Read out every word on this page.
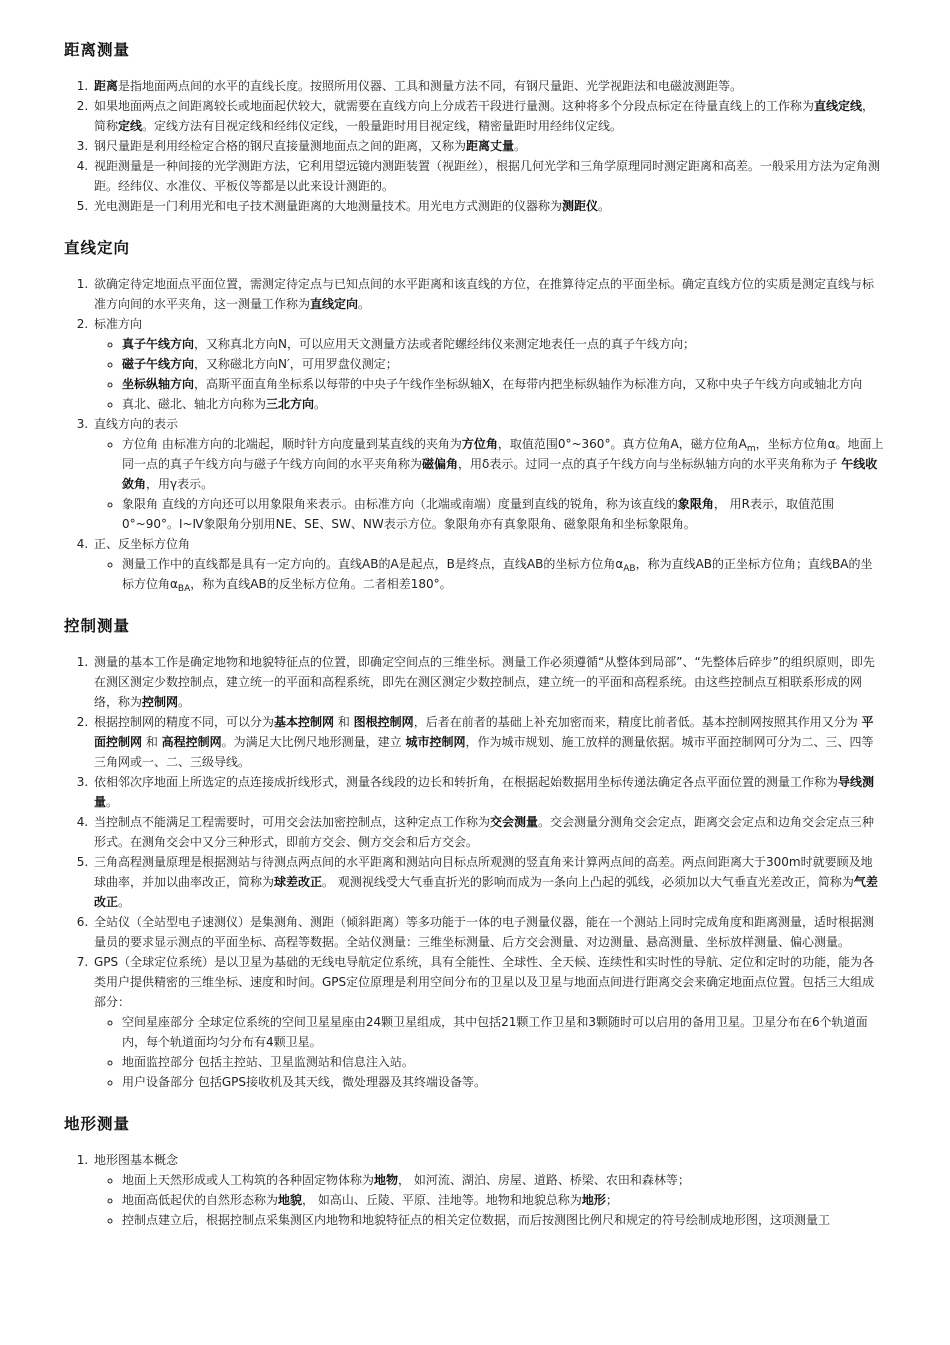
距离测量
1. 距离是指地面两点间的水平的直线长度。按照所用仪器、工具和测量方法不同，有钢尺量距、光学视距法和电磁波测距等。
2. 如果地面两点之间距离较长或地面起伏较大，就需要在直线方向上分成若干段进行量测。这种将多个分段点标定在待量直线上的工作称为直线定线，简称定线。定线方法有目视定线和经纬仪定线，一般量距时用目视定线，精密量距时用经纬仪定线。
3. 钢尺量距是利用经检定合格的钢尺直接量测地面点之间的距离，又称为距离丈量。
4. 视距测量是一种间接的光学测距方法，它利用望远镜内测距装置（视距丝），根据几何光学和三角学原理同时测定距离和高差。一般采用方法为定角测距。经纬仪、水准仪、平板仪等都是以此来设计测距的。
5. 光电测距是一门利用光和电子技术测量距离的大地测量技术。用光电方式测距的仪器称为测距仪。
直线定向
1. 欲确定待定地面点平面位置，需测定待定点与已知点间的水平距离和该直线的方位，在推算待定点的平面坐标。确定直线方位的实质是测定直线与标准方向间的水平夹角，这一测量工作称为直线定向。
2. 标准方向
◦ 真子午线方向，又称真北方向N，可以应用天文测量方法或者陀螺经纬仪来测定地表任一点的真子午线方向；
◦ 磁子午线方向，又称磁北方向N′，可用罗盘仪测定；
◦ 坐标纵轴方向，高斯平面直角坐标系以每带的中央子午线作坐标纵轴X，在每带内把坐标纵轴作为标准方向，又称中央子午线方向或轴北方向
◦ 真北、磁北、轴北方向称为三北方向。
3. 直线方向的表示
◦ 方位角 由标准方向的北端起，顺时针方向度量到某直线的夹角为方位角，取值范围0°~360°。真方位角A，磁方位角$A_m$，坐标方位角α。地面上同一点的真子午线方向与磁子午线方向间的水平夹角称为磁偏角，用δ表示。过同一点的真子午线方向与坐标纵轴方向的水平夹角称为子 午线收敛角，用γ表示。
◦ 象限角 直线的方向还可以用象限角来表示。由标准方向（北端或南端）度量到直线的锐角，称为该直线的象限角， 用R表示，取值范围0°~90°。Ⅰ~Ⅳ象限角分别用NE、SE、SW、NW表示方位。象限角亦有真象限角、磁象限角和坐标象限角。
4. 正、反坐标方位角
◦ 测量工作中的直线都是具有一定方向的。直线AB的A是起点，B是终点，直线AB的坐标方位角$\alpha_{AB}$，称为直线AB的正坐标方位角；直线BA的坐标方位角$\alpha_{BA}$，称为直线AB的反坐标方位角。二者相差180°。
控制测量
1. 测量的基本工作是确定地物和地貌特征点的位置，即确定空间点的三维坐标。测量工作必须遵循“从整体到局部”、“先整体后碎步”的组织原则，即先在测区测定少数控制点，建立统一的平面和高程系统，即先在测区测定少数控制点，建立统一的平面和高程系统。由这些控制点互相联系形成的网络，称为控制网。
2. 根据控制网的精度不同，可以分为基本控制网 和 图根控制网，后者在前者的基础上补充加密而来，精度比前者低。基本控制网按照其作用又分为 平面控制网 和 高程控制网。为满足大比例尺地形测量，建立 城市控制网，作为城市规划、施工放样的测量依据。城市平面控制网可分为二、三、四等三角网或一、二、三级导线。
3. 依相邻次序地面上所选定的点连接成折线形式，测量各线段的边长和转折角，在根据起始数据用坐标传递法确定各点平面位置的测量工作称为导线测量。
4. 当控制点不能满足工程需要时，可用交会法加密控制点，这种定点工作称为交会测量。交会测量分测角交会定点，距离交会定点和边角交会定点三种形式。在测角交会中又分三种形式，即前方交会、侧方交会和后方交会。
5. 三角高程测量原理是根据测站与待测点两点间的水平距离和测站向目标点所观测的竖直角来计算两点间的高差。两点间距离大于300m时就要顾及地球曲率，并加以曲率改正，简称为球差改正。 观测视线受大气垂直折光的影响而成为一条向上凸起的弧线，必须加以大气垂直光差改正，简称为气差改正。
6. 全站仪（全站型电子速测仪）是集测角、测距（倾斜距离）等多功能于一体的电子测量仪器，能在一个测站上同时完成角度和距离测量，适时根据测量员的要求显示测点的平面坐标、高程等数据。全站仪测量：三维坐标测量、后方交会测量、对边测量、悬高测量、坐标放样测量、偏心测量。
7. GPS（全球定位系统）是以卫星为基础的无线电导航定位系统，具有全能性、全球性、全天候、连续性和实时性的导航、定位和定时的功能，能为各类用户提供精密的三维坐标、速度和时间。GPS定位原理是利用空间分布的卫星以及卫星与地面点间进行距离交会来确定地面点位置。包括三大组成部分：
◦ 空间星座部分 全球定位系统的空间卫星星座由24颗卫星组成，其中包括21颗工作卫星和3颗随时可以启用的备用卫星。卫星分布在6个轨道面内，每个轨道面均匀分布有4颗卫星。
◦ 地面监控部分 包括主控站、卫星监测站和信息注入站。
◦ 用户设备部分 包括GPS接收机及其天线，微处理器及其终端设备等。
地形测量
1. 地形图基本概念
◦ 地面上天然形成或人工构筑的各种固定物体称为地物， 如河流、湖泊、房屋、道路、桥梁、农田和森林等；
◦ 地面高低起伏的自然形态称为地貌， 如高山、丘陵、平原、洼地等。地物和地貌总称为地形；
◦ 控制点建立后，根据控制点采集测区内地物和地貌特征点的相关定位数据，而后按测图比例尺和规定的符号绘制成地形图，这项测量工
